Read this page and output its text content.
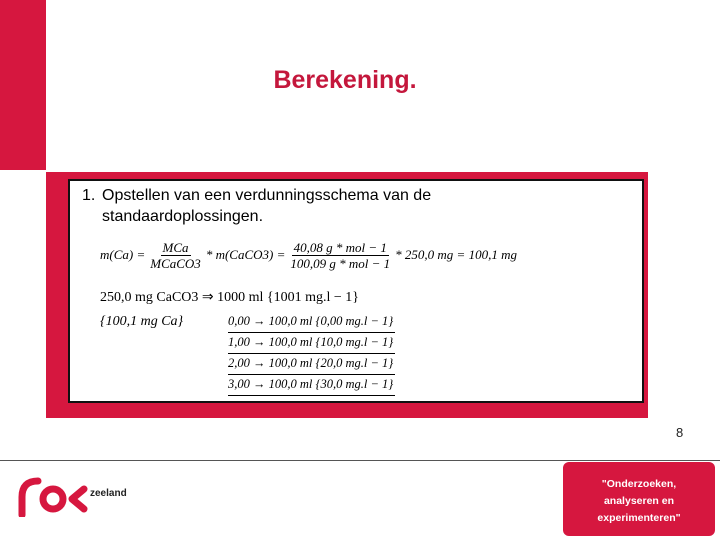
Berekening.
1. Opstellen van een verdunningsschema van de standaardoplossingen.
$m(Ca) = \frac{\text{MCa}}{\text{MCaCO3}}$ * m(CaCO3) = $\frac{\text{40,08 g * mol − 1}}{\text{100,09 g * mol − 1}} * 250,0$ mg = 100,1 mg
250,0 mg CaCO3 ⇒ 1000 ml {1001 mg.l − 1}
{100,1 mg Ca}	0,00 → 100,0 ml {0,00 mg.l − 1}
1,00 → 100,0 ml {10,0 mg.l − 1}
2,00 → 100,0 ml {20,0 mg.l − 1}
3,00 → 100,0 ml {30,0 mg.l − 1}
8
zeeland
"Onderzoeken,
analyseren en
experimenteren"
